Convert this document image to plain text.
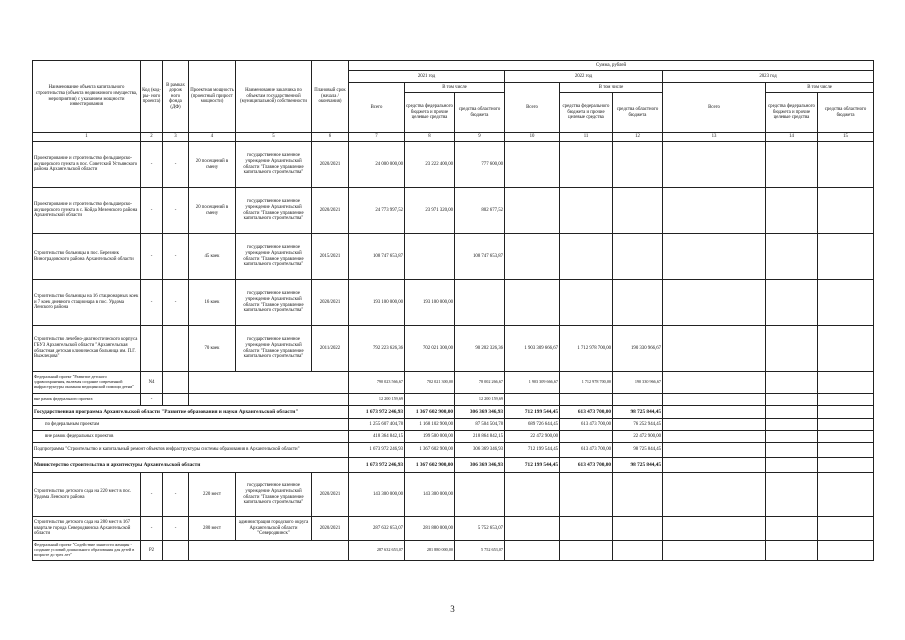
Наименование объекта капитального строительства (объекта недвижимого имущества, мероприятия) с указанием мощности инвестирования	Код (код- ры- ного проекта)	В рамках дорож ного фонда (ДФ)	Проектная мощность (проектный прирост мощности)	Наименование заказчика по объектам государственной (муниципальной) собственности	Плановый срок (начала / окончания)	Сумма, рублей								
						2021 год			2022 год			2023 год		
						Всего	В том числе		Всего	В том числе		Всего	В том числе	
							средства федерального бюджета и прочие целевые средства	средства областного бюджета		средства федерального бюджета и прочие целевые средства	средства областного бюджета		средства федерального бюджета и прочие целевые средства	средства областного бюджета
1	2	3	4	5	6	7	8	9	10	11	12	13	14	15
Проектирование и строительство фельдшерско-акушерского пункта в пос. Советский Устьянского района Архангельской области	-	-	20 посещений в смену	государственное казенное учреждение Архангельской области "Главное управление капитального строительства"	2020/2021	24 000 000,00	23 222 400,00	777 600,00						
Проектирование и строительство фельдшерско-акушерского пункта в с. Койда Мезенского района Архангельской области	-	-	20 посещений в смену	государственное казенное учреждение Архангельской области "Главное управление капитального строительства"	2020/2021	24 773 997,52	23 971 320,00	802 677,52						
Строительство больницы в пос. Березник Виноградовского района Архангельской области	-	-	45 коек	государственное казенное учреждение Архангельской области "Главное управление капитального строительства"	2015/2021	108 747 653,87		108 747 653,87						
Строительство больницы на 16 стационарных коек и 7 коек дневного стационара в пос. Урдома Ленского района	-	-	16 коек	государственное казенное учреждение Архангельской области "Главное управление капитального строительства"	2020/2021	193 100 000,00	193 100 000,00							
Строительство лечебно-диагностического корпуса ГБУЗ Архангельской области "Архангельская областная детская клиническая больница им. П.Г. Выжлецова"			70 коек	государственное казенное учреждение Архангельской области "Главное управление капитального строительства"	2011/2022	792 223 626,36	702 021 300,00	90 202 326,36	1 903 309 666,67	1 712 978 700,00	190 330 966,67			
Федеральный проект "Развитие детского здравоохранения, включая создание современной инфраструктуры оказания медицинской помощи детям"	N4					790 023 566,67	702 021 300,00	78 002 266,67	1 903 309 666,67	1 712 978 700,00	190 330 966,67			
вне рамок федерального проекта	-					12 200 159,69		12 200 159,69						
Государственная программа Архангельской области "Развитие образования и науки Архангельской области"						1 673 972 246,93	1 367 602 900,00	306 369 346,93	712 199 544,45	613 473 700,00	98 725 844,45			
по федеральным проектам						1 255 607 404,78	1 168 102 900,00	87 504 504,78	689 726 644,45	613 473 700,00	76 252 944,45			
вне рамок федеральных проектов						418 364 842,15	199 500 000,00	218 864 842,15	22 472 900,00		22 472 900,00			
Подпрограмма "Строительство и капитальный ремонт объектов инфраструктуры системы образования в Архангельской области"						1 673 972 246,93	1 367 602 900,00	306 369 346,93	712 199 544,45	613 473 700,00	98 725 844,45			
Министерство строительства и архитектуры Архангельской области						1 673 972 246,93	1 367 602 900,00	306 369 346,93	712 199 544,45	613 473 700,00	98 725 844,45			
Строительство детского сада на 220 мест в пос. Урдома Ленского района	-	-	220 мест	государственное казенное учреждение Архангельской области "Главное управление капитального строительства"	2020/2021	143 300 000,00	143 300 000,00							
Строительство детского сада на 280 мест в 167 квартале города Северодвинска Архангельской области	-	-	280 мест	администрация городского округа Архангельской области "Северодвинск"	2020/2021	287 632 653,07	281 880 000,00	5 752 653,07						
Федеральный проект "Содействие занятости женщин - создание условий дошкольного образования для детей в возрасте до трех лет"	P2					287 632 653,07	281 880 000,00	5 752 653,07						
3
